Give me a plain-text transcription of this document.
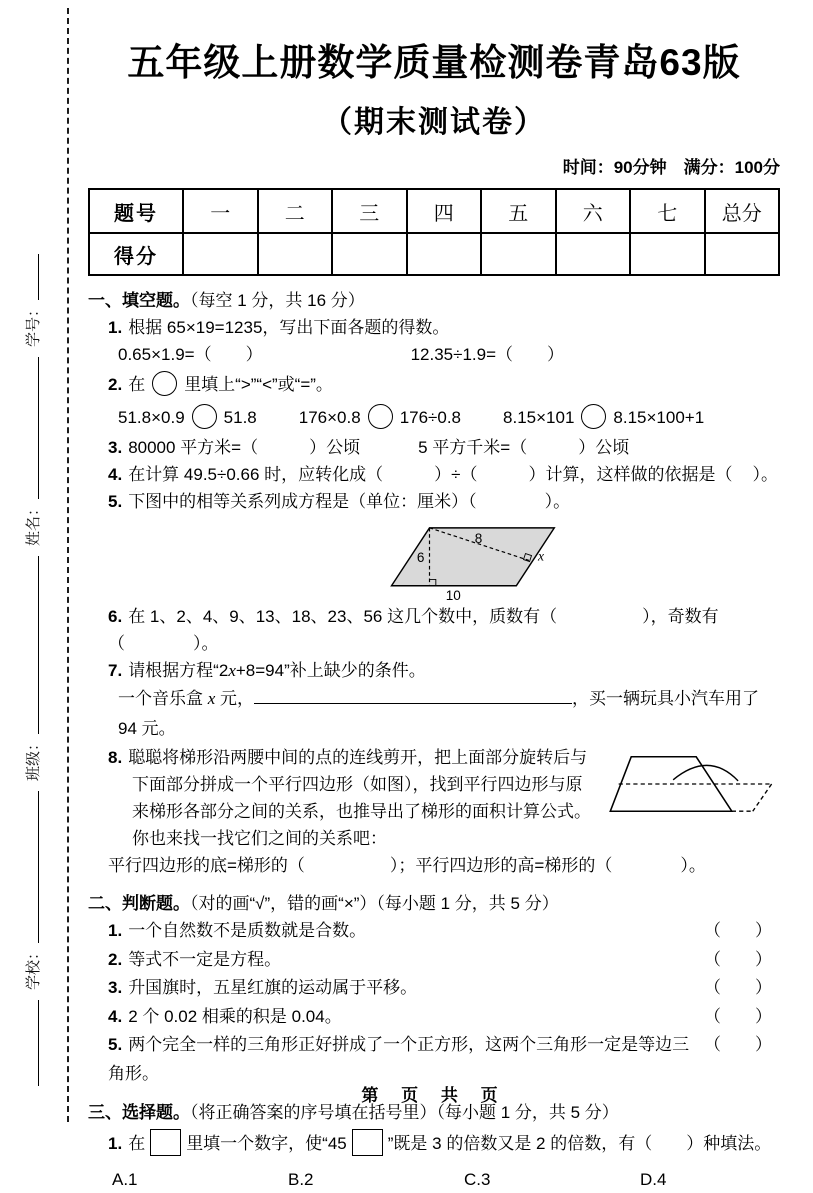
学校：
班级：
姓名：
学号：
五年级上册数学质量检测卷青岛63版
（期末测试卷）
时间：90分钟　满分：100分
题号	一	二	三	四	五	六	七	总分
得分								
一、填空题。（每空 1 分，共 16 分）
1. 根据 65×19=1235，写出下面各题的得数。
0.65×1.9=（　　）	12.35÷1.9=（　　）
2. 在 里填上“>”“<”或“=”。
51.8×0.9 51.8 176×0.8 176÷0.8 8.15×101 8.15×100+1
3. 80000 平方米=（　　　）公顷	5 平方千米=（　　　）公顷
4. 在计算 49.5÷0.66 时，应转化成（　　　）÷（　　　）计算，这样做的依据是（ ）。
5. 下图中的相等关系列成方程是（单位：厘米）（　　　　）。
6
8
x
10
6. 在 1、2、4、9、13、18、23、56 这几个数中，质数有（　　　　　），奇数有（　　　　）。
7. 请根据方程“2x+8=94”补上缺少的条件。
一个音乐盒 x 元，	，买一辆玩具小汽车用了 94 元。
8. 聪聪将梯形沿两腰中间的点的连线剪开，把上面部分旋转后与下面部分拼成一个平行四边形（如图），找到平行四边形与原来梯形各部分之间的关系，也推导出了梯形的面积计算公式。你也来找一找它们之间的关系吧：
平行四边形的底=梯形的（　　　　　）；平行四边形的高=梯形的（　　　　）。
二、判断题。（对的画“√”，错的画“×”）（每小题 1 分，共 5 分）
1. 一个自然数不是质数就是合数。	（　　）
2. 等式不一定是方程。	（　　）
3. 升国旗时，五星红旗的运动属于平移。	（　　）
4. 2 个 0.02 相乘的积是 0.04。	（　　）
5. 两个完全一样的三角形正好拼成了一个正方形，这两个三角形一定是等边三角形。
（　　）
三、选择题。（将正确答案的序号填在括号里）（每小题 1 分，共 5 分）
1. 在 里填一个数字，使“45 ”既是 3 的倍数又是 2 的倍数，有（　　）种填法。
A.1	B.2	C.3	D.4
第 页 共 页
